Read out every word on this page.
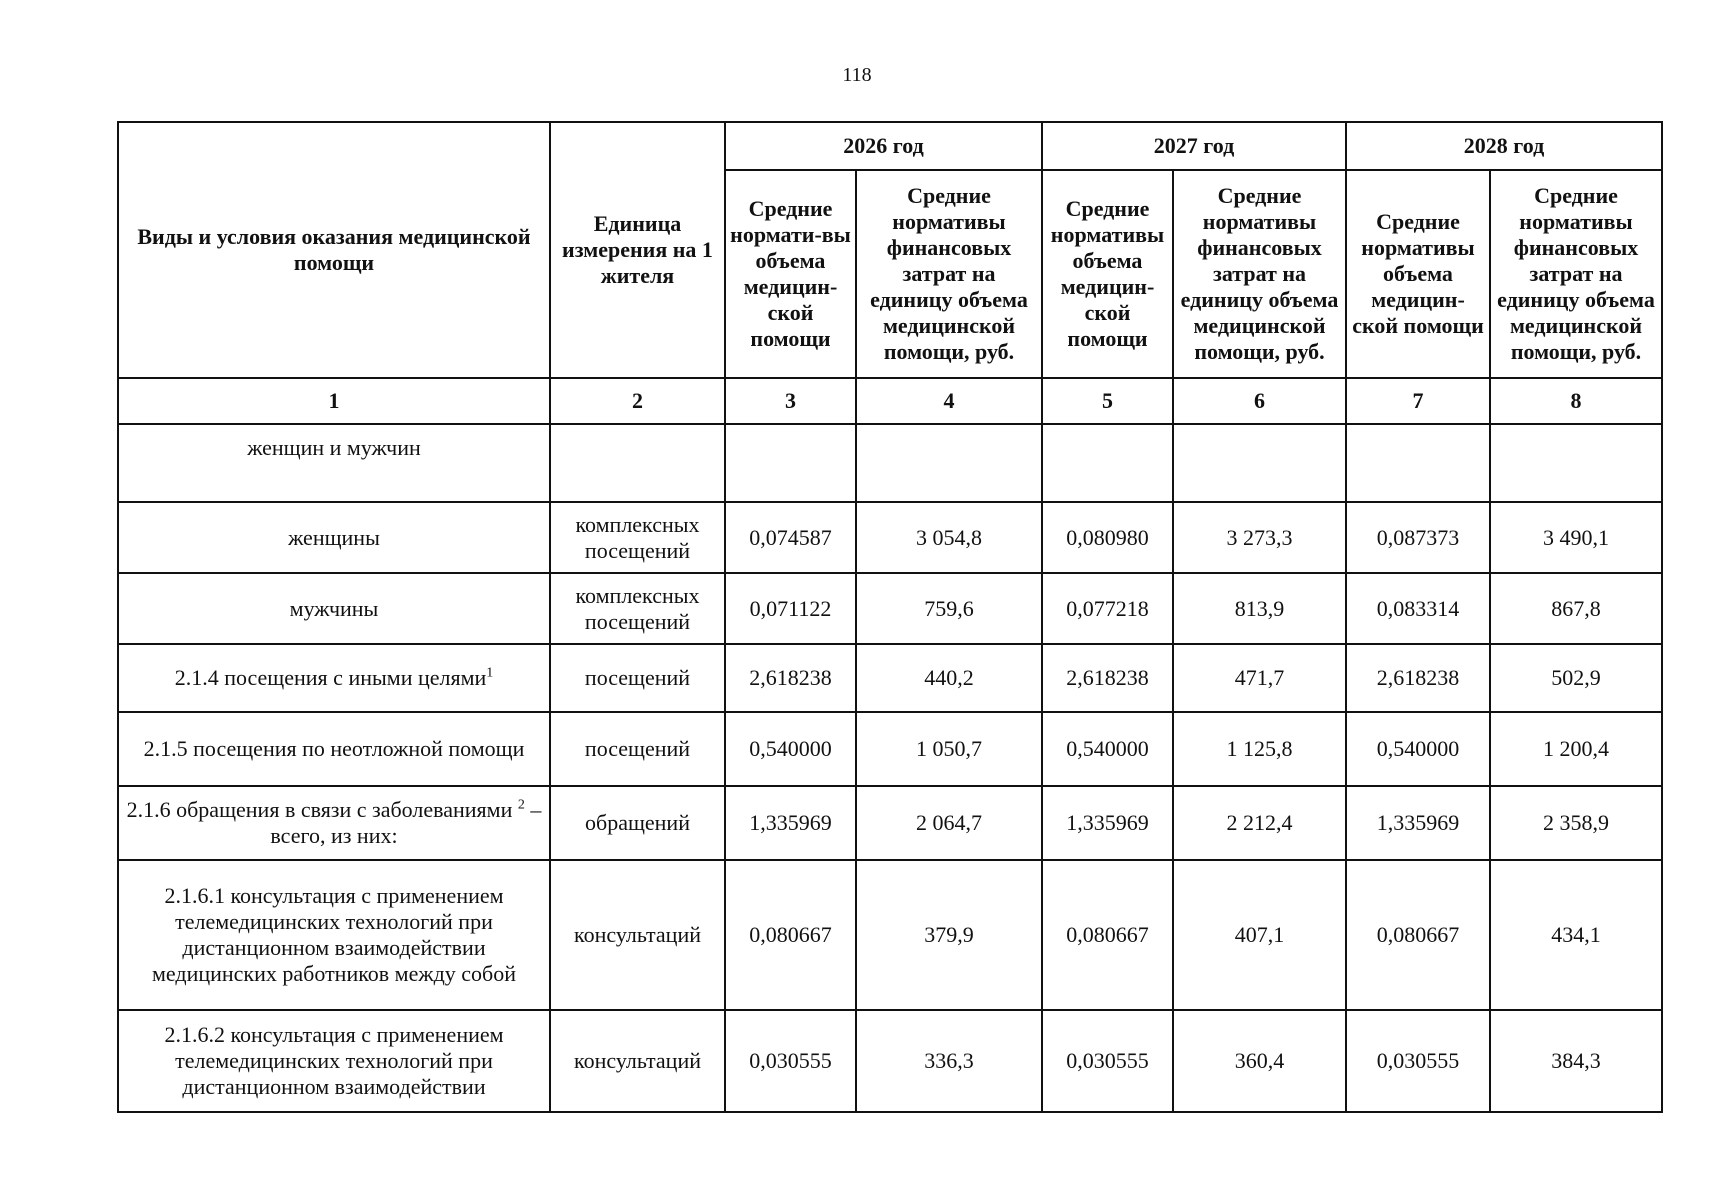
118
Виды и условия оказания медицинской помощи	Единица измерения на 1 жителя	2026 год		2027 год		2028 год	
		Средние нормати-вы объема медицин-ской помощи	Средние нормативы финансовых затрат на единицу объема медицинской помощи, руб.	Средние нормативы объема медицин-ской помощи	Средние нормативы финансовых затрат на единицу объема медицинской помощи, руб.	Средние нормативы объема медицин-ской помощи	Средние нормативы финансовых затрат на единицу объема медицинской помощи, руб.
1	2	3	4	5	6	7	8
женщин и мужчин							
женщины	комплексных посещений	0,074587	3 054,8	0,080980	3 273,3	0,087373	3 490,1
мужчины	комплексных посещений	0,071122	759,6	0,077218	813,9	0,083314	867,8
2.1.4 посещения с иными целями$^1$	посещений	2,618238	440,2	2,618238	471,7	2,618238	502,9
2.1.5 посещения по неотложной помощи	посещений	0,540000	1 050,7	0,540000	1 125,8	0,540000	1 200,4
2.1.6 обращения в связи с заболеваниями $^2$ – всего, из них:	обращений	1,335969	2 064,7	1,335969	2 212,4	1,335969	2 358,9
2.1.6.1 консультация с применением телемедицинских технологий при дистанционном взаимодействии медицинских работников между собой	консультаций	0,080667	379,9	0,080667	407,1	0,080667	434,1
2.1.6.2 консультация с применением телемедицинских технологий при дистанционном взаимодействии	консультаций	0,030555	336,3	0,030555	360,4	0,030555	384,3
